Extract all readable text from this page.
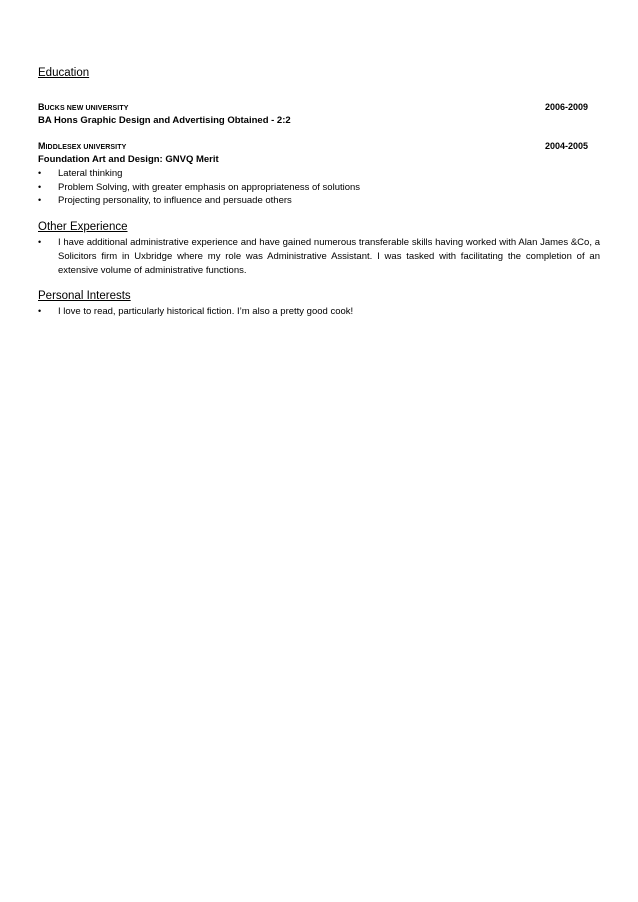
Education

BUCKS NEW UNIVERSITY	2006-2009

BA Hons Graphic Design and Advertising Obtained - 2:2

MIDDLESEX UNIVERSITY	2004-2005

Foundation Art and Design: GNVQ Merit

•	Lateral thinking
•	Problem Solving, with greater emphasis on appropriateness of solutions
•	Projecting personality, to influence and persuade others

Other Experience

•	I have additional administrative experience and have gained numerous transferable skills having worked with Alan James &Co, a Solicitors firm in Uxbridge where my role was Administrative Assistant. I was tasked with facilitating the completion of an extensive volume of administrative functions.

Personal Interests

•	I love to read, particularly historical fiction. I’m also a pretty good cook!
